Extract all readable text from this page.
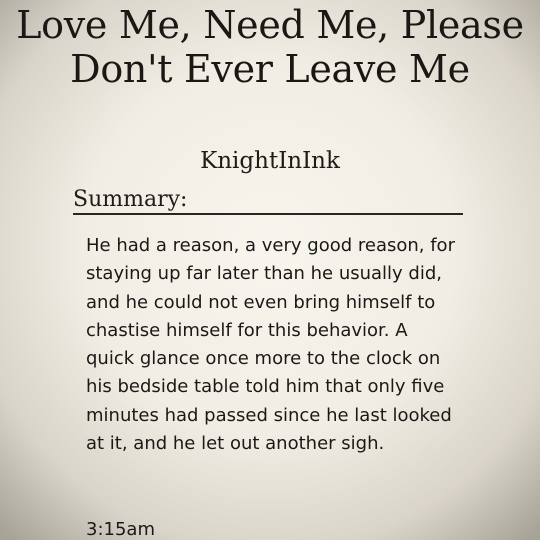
Love Me, Need Me, Please Don't Ever Leave Me
KnightInInk
Summary:

He had a reason, a very good reason, for staying up far later than he usually did, and he could not even bring himself to chastise himself for this behavior. A quick glance once more to the clock on his bedside table told him that only five minutes had passed since he last looked at it, and he let out another sigh.

3:15am
